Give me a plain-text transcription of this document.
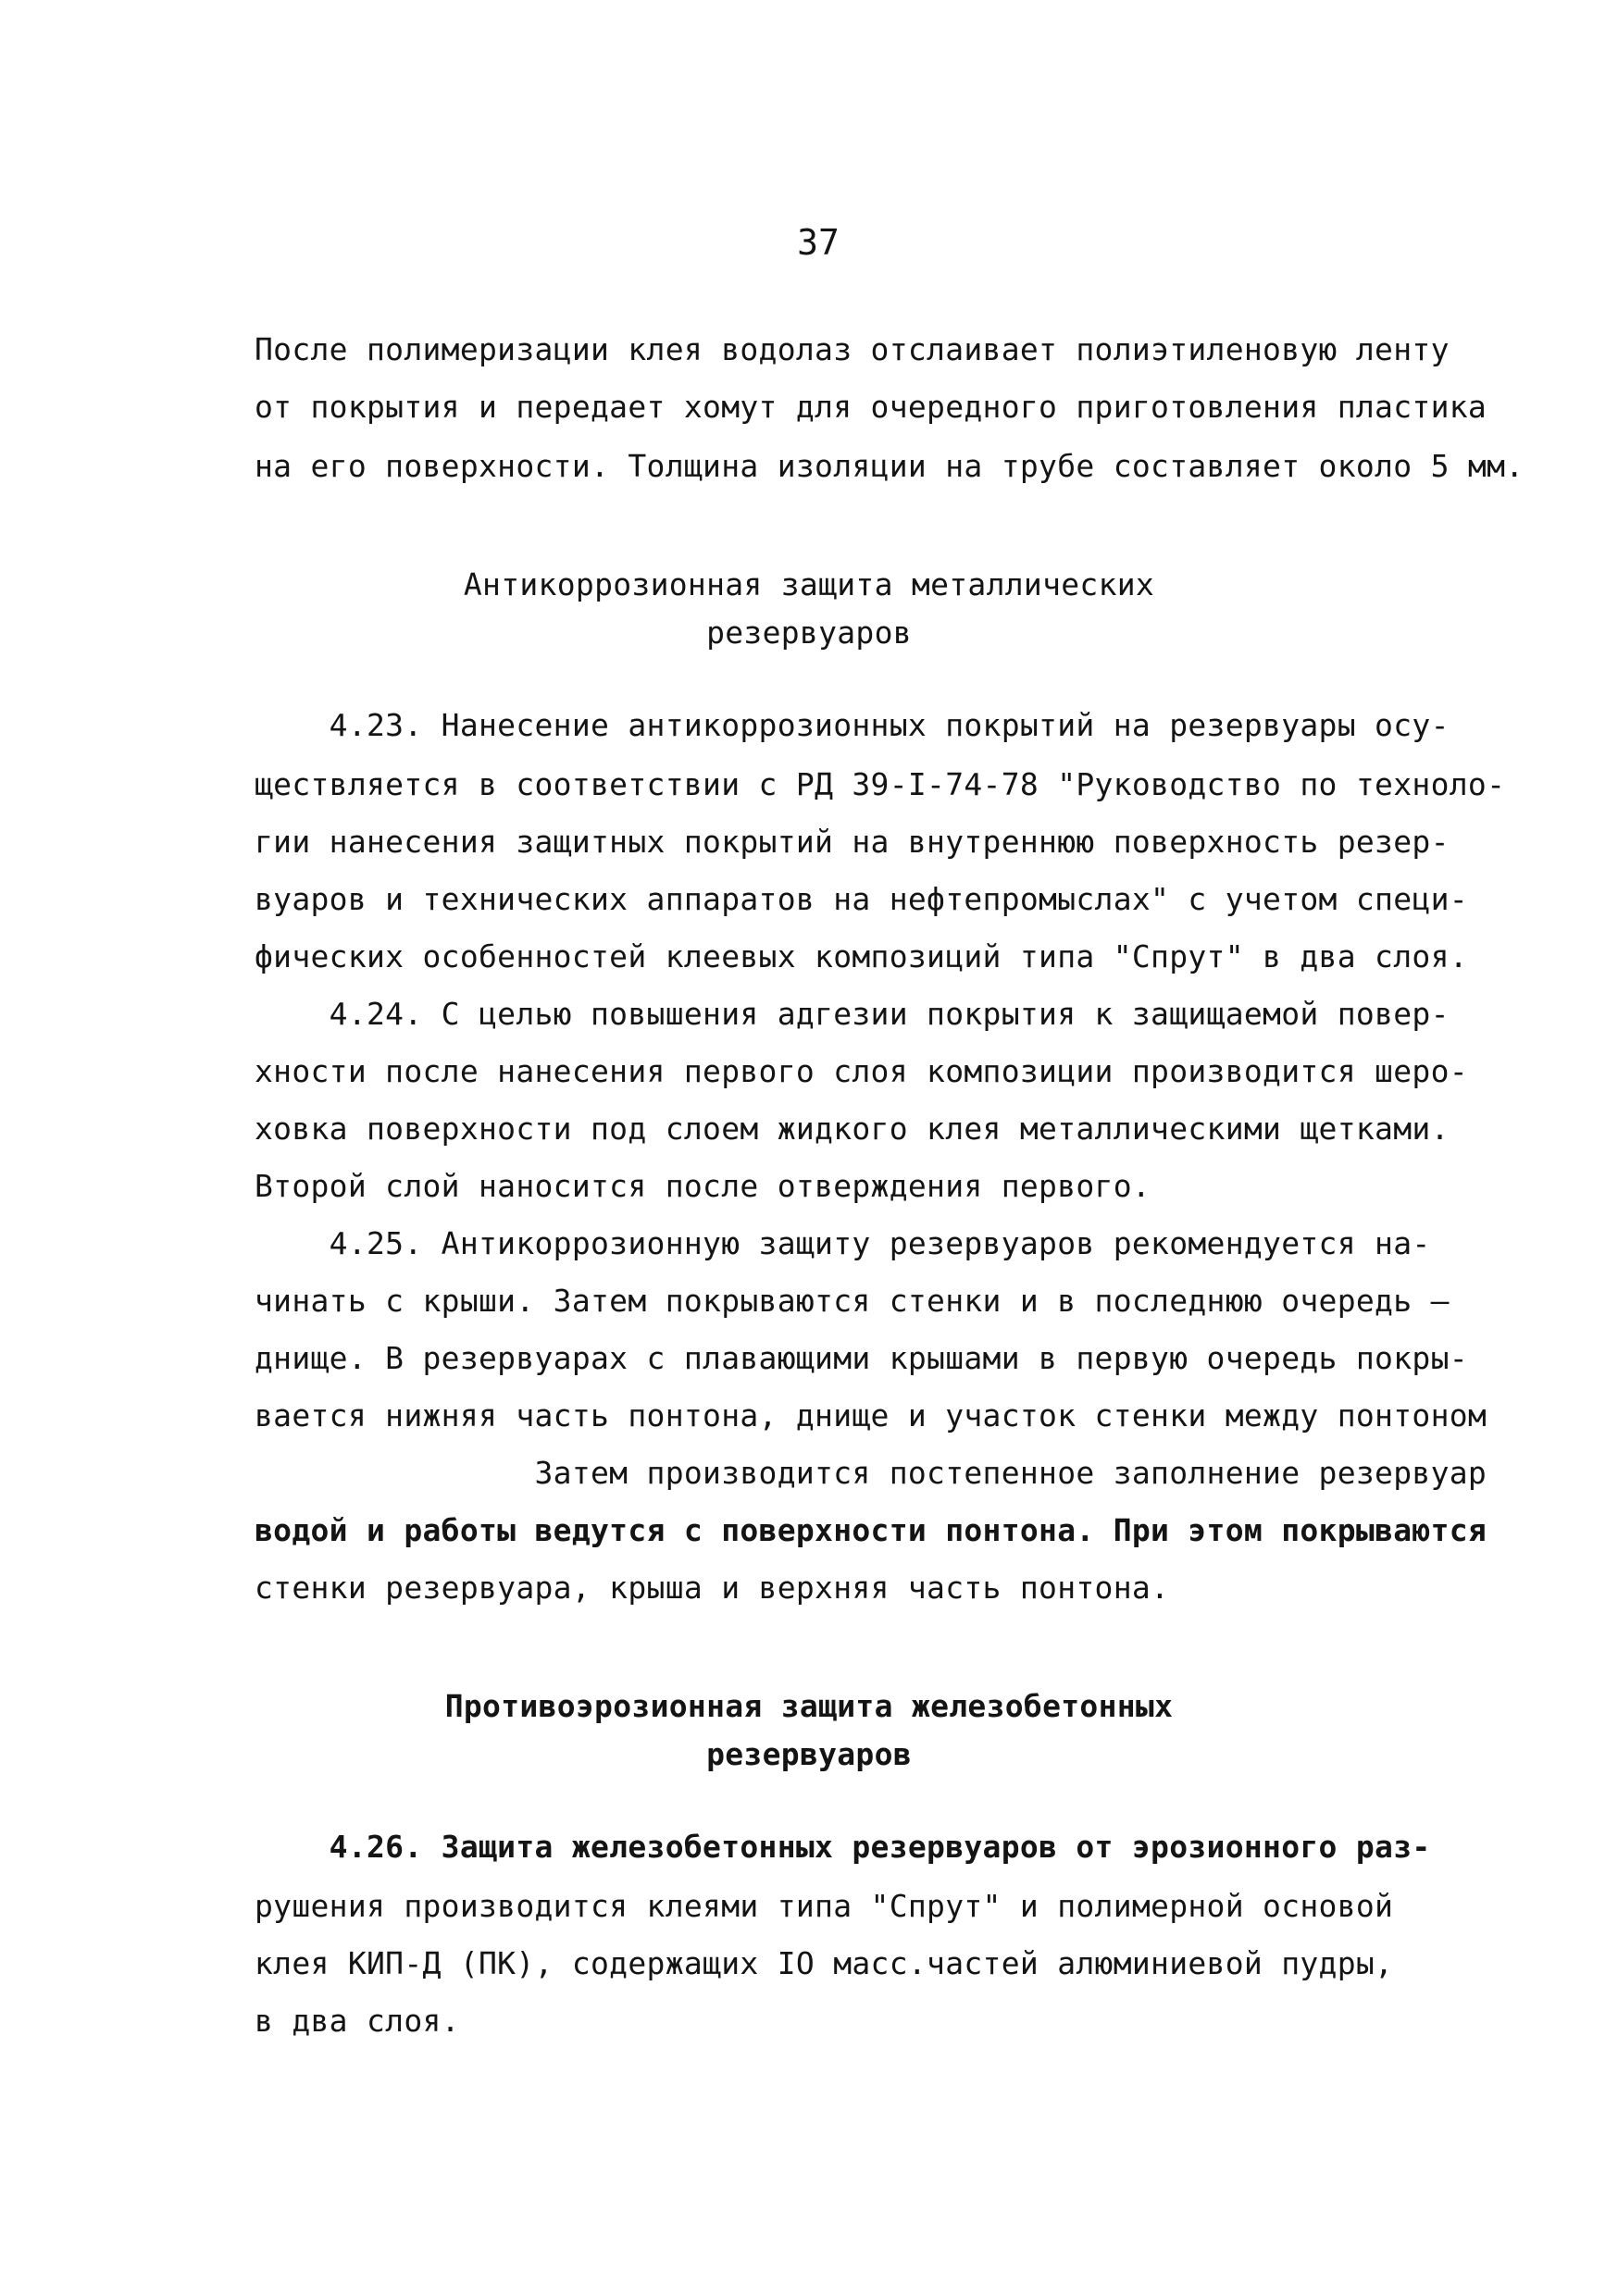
37
После полимеризации клея водолаз отслаивает полиэтиленовую ленту
от покрытия и передает хомут для очередного приготовления пластика
на его поверхности. Толщина изоляции на трубе составляет около 5 мм.
Антикоррозионная защита металлических
резервуаров
4.23. Нанесение антикоррозионных покрытий на резервуары осу-
ществляется в соответствии с РД 39-I-74-78 "Руководство по техноло-
гии нанесения защитных покрытий на внутреннюю поверхность резер-
вуаров и технических аппаратов на нефтепромыслах" с учетом специ-
фических особенностей клеевых композиций типа "Спрут" в два слоя.
4.24. С целью повышения адгезии покрытия к защищаемой повер-
хности после нанесения первого слоя композиции производится шеро-
ховка поверхности под слоем жидкого клея металлическими щетками.
Второй слой наносится после отверждения первого.
4.25. Антикоррозионную защиту резервуаров рекомендуется на-
чинать с крыши. Затем покрываются стенки и в последнюю очередь —
днище. В резервуарах с плавающими крышами в первую очередь покры-
вается нижняя часть понтона, днище и участок стенки между понтоном
Затем производится постепенное заполнение резервуар
водой и работы ведутся с поверхности понтона. При этом покрываются
стенки резервуара, крыша и верхняя часть понтона.
Противоэрозионная защита железобетонных
резервуаров
4.26. Защита железобетонных резервуаров от эрозионного раз-
рушения производится клеями типа "Спрут" и полимерной основой
клея КИП-Д (ПК), содержащих IO масс.частей алюминиевой пудры,
в два слоя.
